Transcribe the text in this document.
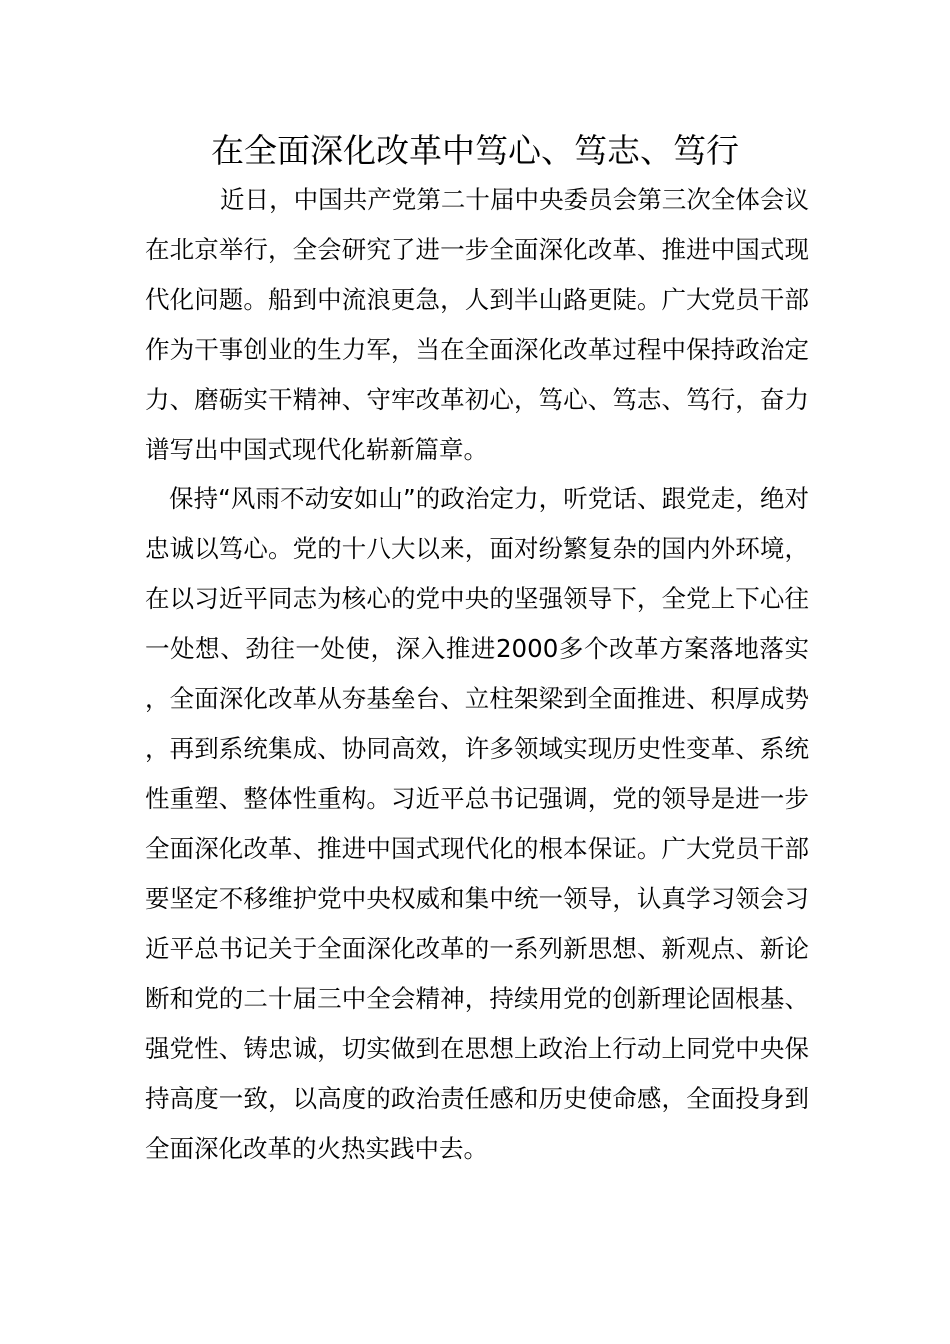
在全面深化改革中笃心、笃志、笃行

近日，中国共产党第二十届中央委员会第三次全体会议在北京举行，全会研究了进一步全面深化改革、推进中国式现代化问题。船到中流浪更急，人到半山路更陡。广大党员干部作为干事创业的生力军，当在全面深化改革过程中保持政治定力、磨砺实干精神、守牢改革初心，笃心、笃志、笃行，奋力谱写出中国式现代化崭新篇章。

保持“风雨不动安如山”的政治定力，听党话、跟党走，绝对忠诚以笃心。党的十八大以来，面对纷繁复杂的国内外环境，在以习近平同志为核心的党中央的坚强领导下，全党上下心往一处想、劲往一处使，深入推进2000多个改革方案落地落实，全面深化改革从夯基垒台、立柱架梁到全面推进、积厚成势，再到系统集成、协同高效，许多领域实现历史性变革、系统性重塑、整体性重构。习近平总书记强调，党的领导是进一步全面深化改革、推进中国式现代化的根本保证。广大党员干部要坚定不移维护党中央权威和集中统一领导，认真学习领会习近平总书记关于全面深化改革的一系列新思想、新观点、新论断和党的二十届三中全会精神，持续用党的创新理论固根基、强党性、铸忠诚，切实做到在思想上政治上行动上同党中央保持高度一致，以高度的政治责任感和历史使命感，全面投身到全面深化改革的火热实践中去。
